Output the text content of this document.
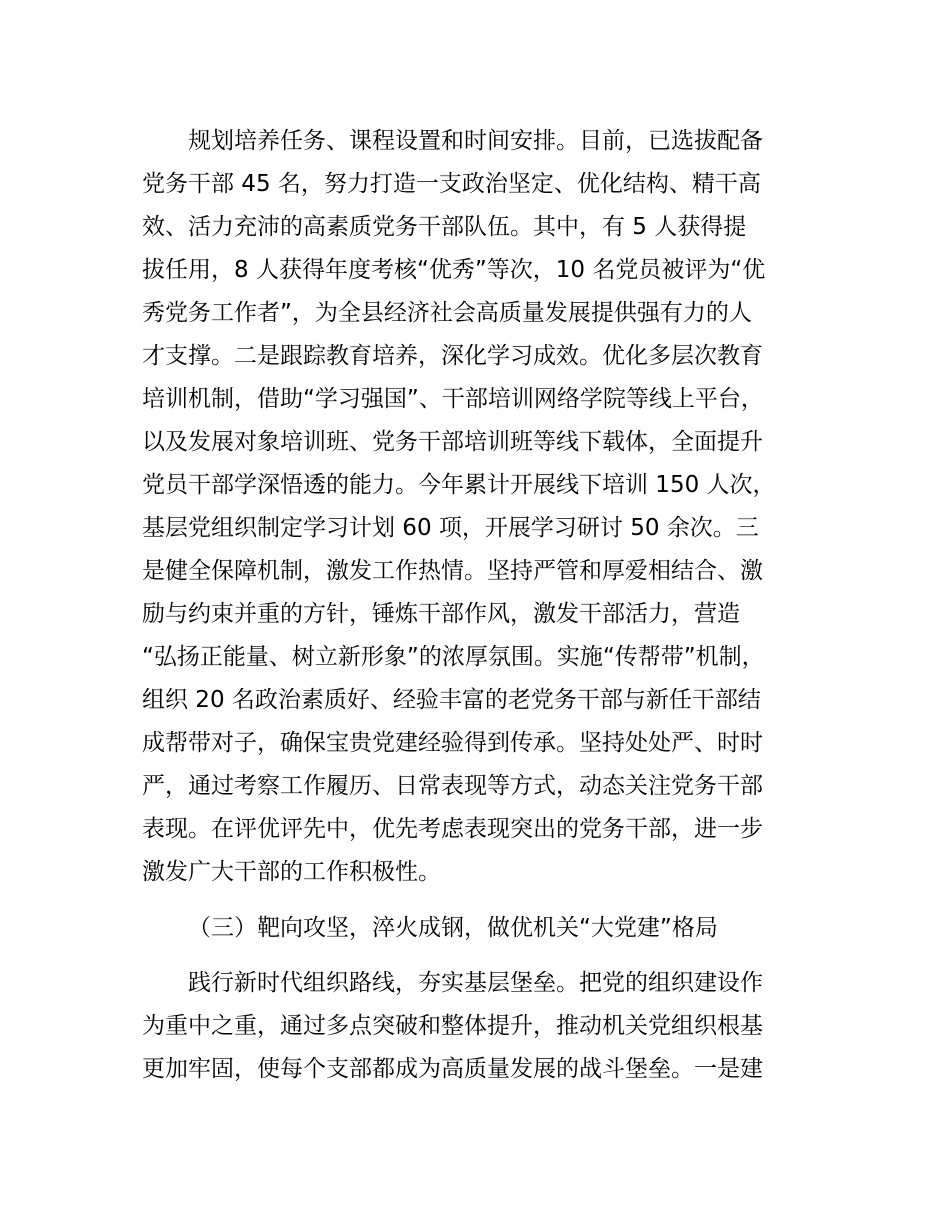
规划培养任务、课程设置和时间安排。目前，已选拔配备
党务干部 45 名，努力打造一支政治坚定、优化结构、精干高
效、活力充沛的高素质党务干部队伍。其中，有 5 人获得提
拔任用，8 人获得年度考核“优秀”等次，10 名党员被评为“优
秀党务工作者”，为全县经济社会高质量发展提供强有力的人
才支撑。二是跟踪教育培养，深化学习成效。优化多层次教育
培训机制，借助“学习强国”、干部培训网络学院等线上平台，
以及发展对象培训班、党务干部培训班等线下载体，全面提升
党员干部学深悟透的能力。今年累计开展线下培训 150 人次，
基层党组织制定学习计划 60 项，开展学习研讨 50 余次。三
是健全保障机制，激发工作热情。坚持严管和厚爱相结合、激
励与约束并重的方针，锤炼干部作风，激发干部活力，营造
“弘扬正能量、树立新形象”的浓厚氛围。实施“传帮带”机制，
组织 20 名政治素质好、经验丰富的老党务干部与新任干部结
成帮带对子，确保宝贵党建经验得到传承。坚持处处严、时时
严，通过考察工作履历、日常表现等方式，动态关注党务干部
表现。在评优评先中，优先考虑表现突出的党务干部，进一步
激发广大干部的工作积极性。
（三）靶向攻坚，淬火成钢，做优机关“大党建”格局
践行新时代组织路线，夯实基层堡垒。把党的组织建设作
为重中之重，通过多点突破和整体提升，推动机关党组织根基
更加牢固，使每个支部都成为高质量发展的战斗堡垒。一是建
